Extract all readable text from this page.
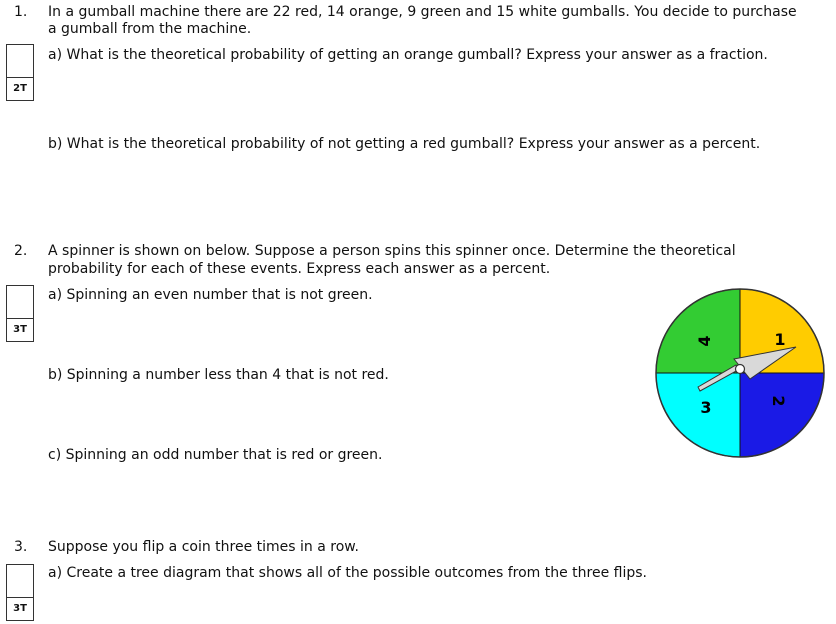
1. In a gumball machine there are 22 red, 14 orange, 9 green and 15 white gumballs. You decide to purchase

a gumball from the machine.

a) What is the theoretical probability of getting an orange gumball? Express your answer as a fraction.

b) What is the theoretical probability of not getting a red gumball? Express your answer as a percent.

2T

2. A spinner is shown on below. Suppose a person spins this spinner once. Determine the theoretical

probability for each of these events. Express each answer as a percent.

a) Spinning an even number that is not green.

b) Spinning a number less than 4 that is not red.

c) Spinning an odd number that is red or green.

3T
4	1
2
3

3. Suppose you flip a coin three times in a row.

a) Create a tree diagram that shows all of the possible outcomes from the three flips.

3T
